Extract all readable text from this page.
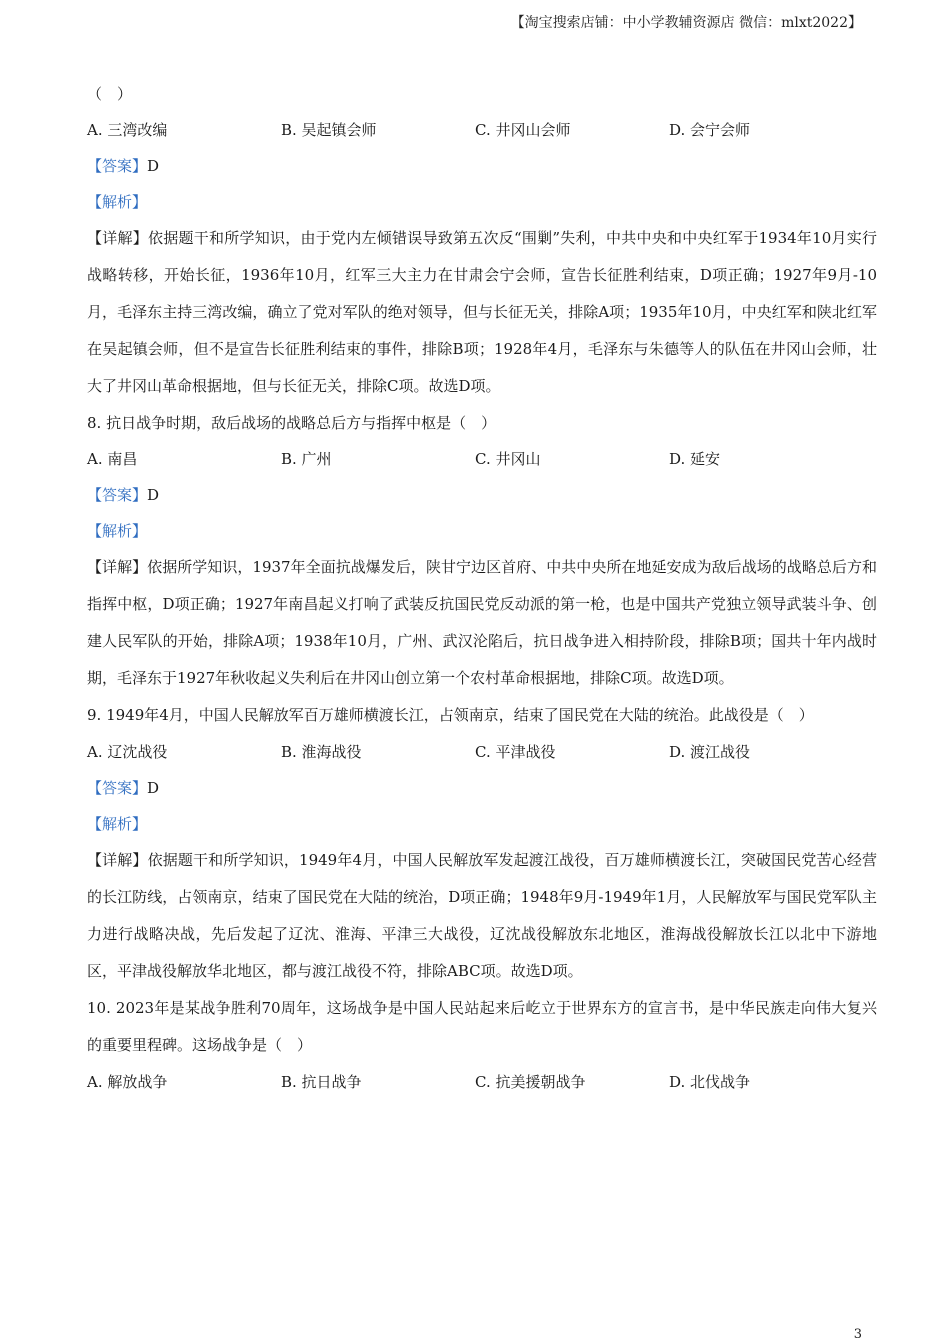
【淘宝搜索店铺：中小学教辅资源店 微信：mlxt2022】
（　）
A. 三湾改编	B. 吴起镇会师	C. 井冈山会师	D. 会宁会师
【答案】D
【解析】
【详解】依据题干和所学知识，由于党内左倾错误导致第五次反“围剿”失利，中共中央和中央红军于1934年10月实行战略转移，开始长征，1936年10月，红军三大主力在甘肃会宁会师，宣告长征胜利结束，D项正确；1927年9月-10月，毛泽东主持三湾改编，确立了党对军队的绝对领导，但与长征无关，排除A项；1935年10月，中央红军和陕北红军在吴起镇会师，但不是宣告长征胜利结束的事件，排除B项；1928年4月，毛泽东与朱德等人的队伍在井冈山会师，壮大了井冈山革命根据地，但与长征无关，排除C项。故选D项。
8. 抗日战争时期，敌后战场的战略总后方与指挥中枢是（　）
A. 南昌	B. 广州	C. 井冈山	D. 延安
【答案】D
【解析】
【详解】依据所学知识，1937年全面抗战爆发后，陕甘宁边区首府、中共中央所在地延安成为敌后战场的战略总后方和指挥中枢，D项正确；1927年南昌起义打响了武装反抗国民党反动派的第一枪，也是中国共产党独立领导武装斗争、创建人民军队的开始，排除A项；1938年10月，广州、武汉沦陷后，抗日战争进入相持阶段，排除B项；国共十年内战时期，毛泽东于1927年秋收起义失利后在井冈山创立第一个农村革命根据地，排除C项。故选D项。
9. 1949年4月，中国人民解放军百万雄师横渡长江，占领南京，结束了国民党在大陆的统治。此战役是（　）
A. 辽沈战役	B. 淮海战役	C. 平津战役	D. 渡江战役
【答案】D
【解析】
【详解】依据题干和所学知识，1949年4月，中国人民解放军发起渡江战役，百万雄师横渡长江，突破国民党苦心经营的长江防线，占领南京，结束了国民党在大陆的统治，D项正确；1948年9月-1949年1月，人民解放军与国民党军队主力进行战略决战，先后发起了辽沈、淮海、平津三大战役，辽沈战役解放东北地区，淮海战役解放长江以北中下游地区，平津战役解放华北地区，都与渡江战役不符，排除ABC项。故选D项。
10. 2023年是某战争胜利70周年，这场战争是中国人民站起来后屹立于世界东方的宣言书，是中华民族走向伟大复兴的重要里程碑。这场战争是（　）
A. 解放战争	B. 抗日战争	C. 抗美援朝战争	D. 北伐战争
3
